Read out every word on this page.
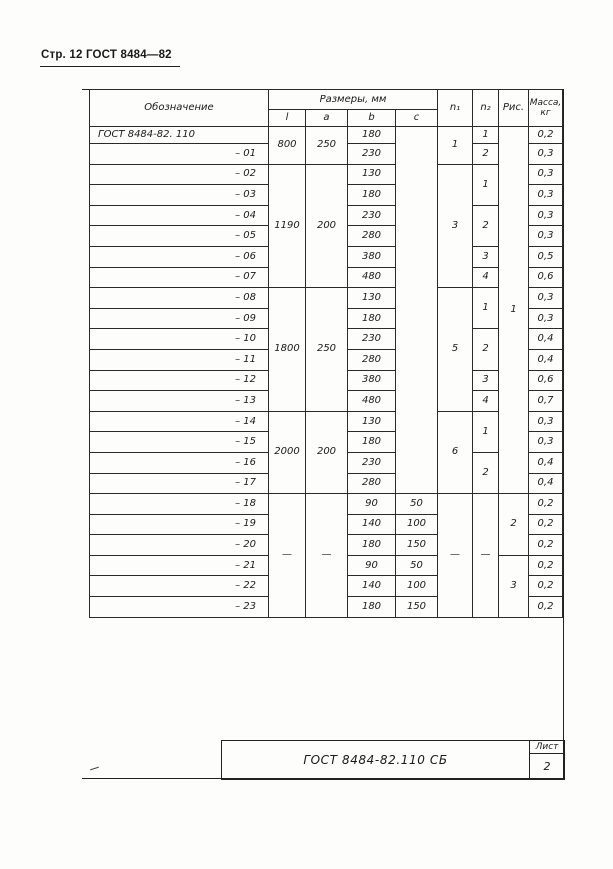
Стр. 12 ГОСТ 8484—82
Обозначение	Размеры, мм				n₁	n₂	Рис.	Масса, кг
	l	a	b	c				
ГОСТ 8484-82. 110	800	250	180		1	1	1	0,2
– 01			230			2		0,3
– 02	1190	200	130		3	1		0,3
– 03			180					0,3
– 04			230			2		0,3
– 05			280					0,3
– 06			380			3		0,5
– 07			480			4		0,6
– 08	1800	250	130		5	1		0,3
– 09			180					0,3
– 10			230			2		0,4
– 11			280					0,4
– 12			380			3		0,6
– 13			480			4		0,7
– 14	2000	200	130		6	1		0,3
– 15			180					0,3
– 16			230			2		0,4
– 17			280					0,4
– 18	—	—	90	50	—	—	2	0,2
– 19			140	100				0,2
– 20			180	150				0,2
– 21			90	50			3	0,2
– 22			140	100				0,2
– 23			180	150				0,2
ГОСТ 8484-82.110 СБ	Лист
2
